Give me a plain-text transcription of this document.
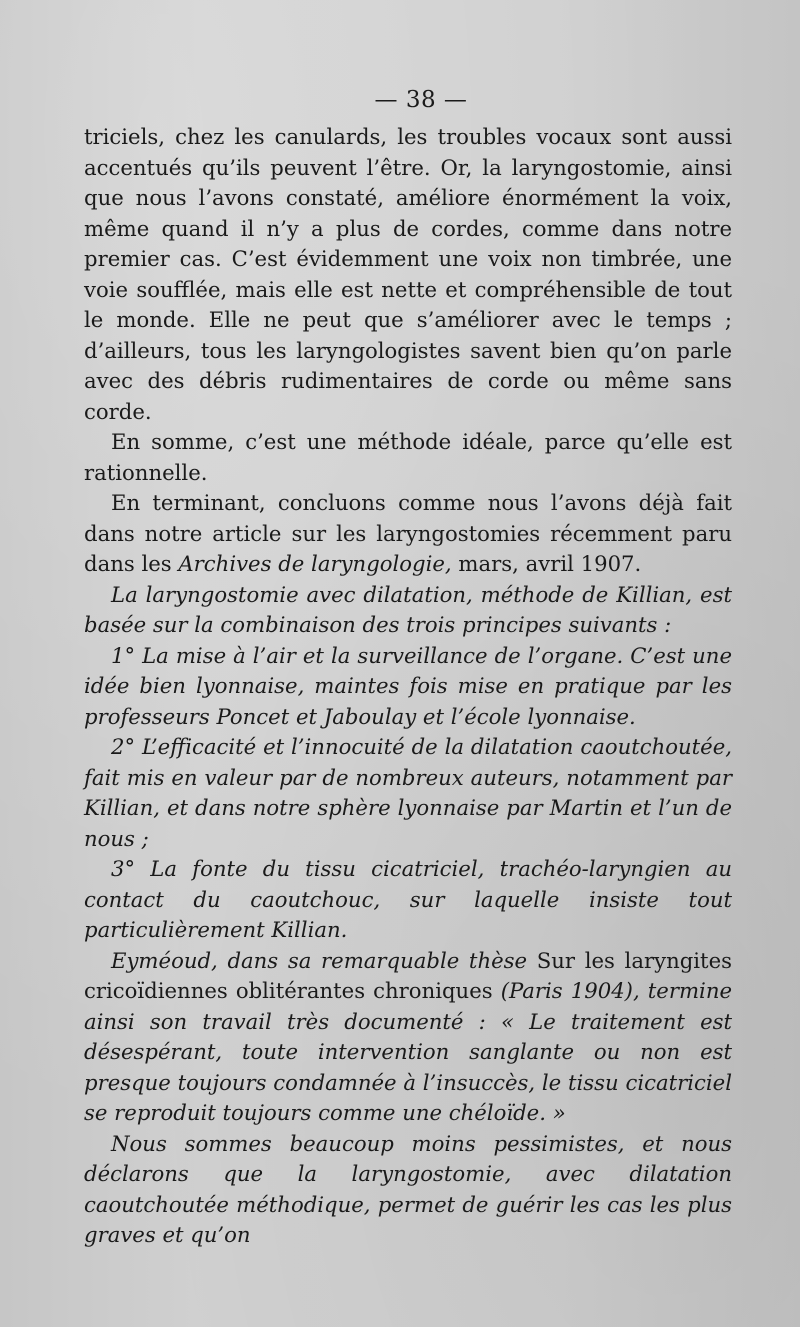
— 38 —

triciels, chez les canulards, les troubles vocaux sont aussi accentués qu’ils peuvent l’être. Or, la laryngostomie, ainsi que nous l’avons constaté, améliore énormément la voix, même quand il n’y a plus de cordes, comme dans notre premier cas. C’est évidemment une voix non timbrée, une voie soufflée, mais elle est nette et compréhensible de tout le monde. Elle ne peut que s’améliorer avec le temps ; d’ailleurs, tous les laryngologistes savent bien qu’on parle avec des débris rudimentaires de corde ou même sans corde.

En somme, c’est une méthode idéale, parce qu’elle est rationnelle.

En terminant, concluons comme nous l’avons déjà fait dans notre article sur les laryngostomies récemment paru dans les Archives de laryngologie, mars, avril 1907.

La laryngostomie avec dilatation, méthode de Killian, est basée sur la combinaison des trois principes suivants :

1° La mise à l’air et la surveillance de l’organe. C’est une idée bien lyonnaise, maintes fois mise en pratique par les professeurs Poncet et Jaboulay et l’école lyonnaise.

2° L’efficacité et l’innocuité de la dilatation caoutchoutée, fait mis en valeur par de nombreux auteurs, notamment par Killian, et dans notre sphère lyonnaise par Martin et l’un de nous ;

3° La fonte du tissu cicatriciel, trachéo-laryngien au contact du caoutchouc, sur laquelle insiste tout particulièrement Killian.

Eyméoud, dans sa remarquable thèse Sur les laryngites cricoïdiennes oblitérantes chroniques (Paris 1904), termine ainsi son travail très documenté : « Le traitement est désespérant, toute intervention sanglante ou non est presque toujours condamnée à l’insuccès, le tissu cicatriciel se reproduit toujours comme une chéloïde. »

Nous sommes beaucoup moins pessimistes, et nous déclarons que la laryngostomie, avec dilatation caoutchoutée méthodique, permet de guérir les cas les plus graves et qu’on
